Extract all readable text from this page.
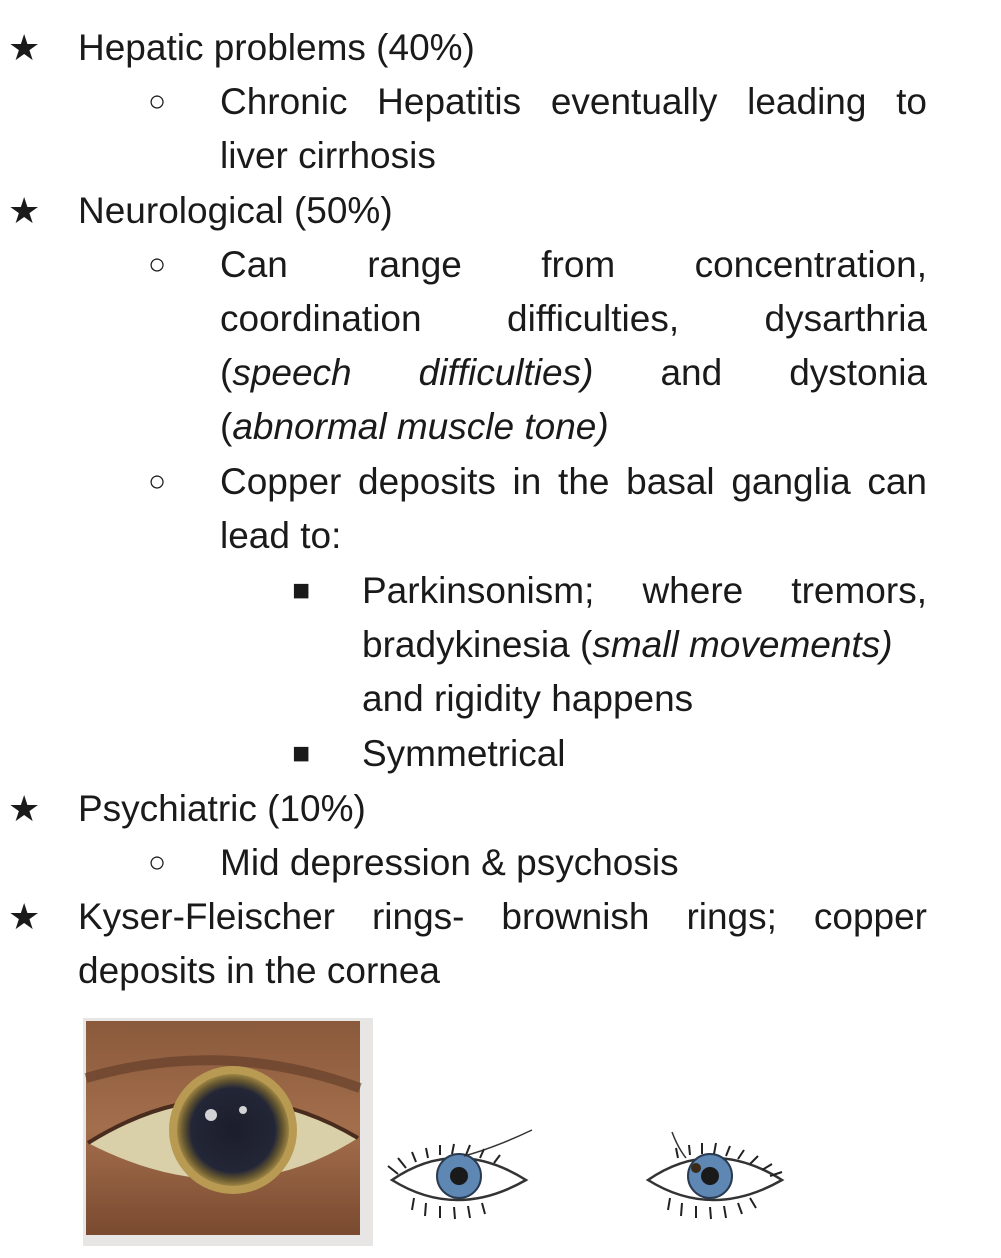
★ Hepatic problems (40%)
○ Chronic Hepatitis eventually leading to
liver cirrhosis
★ Neurological (50%)
○ Can range from concentration,
coordination difficulties, dysarthria
(speech difficulties) and dystonia
(abnormal muscle tone)
○ Copper deposits in the basal ganglia can
lead to:
■ Parkinsonism; where tremors,
bradykinesia (small movements)
and rigidity happens
■ Symmetrical
★ Psychiatric (10%)
○ Mid depression & psychosis
★ Kyser-Fleischer rings- brownish rings; copper
deposits in the cornea
